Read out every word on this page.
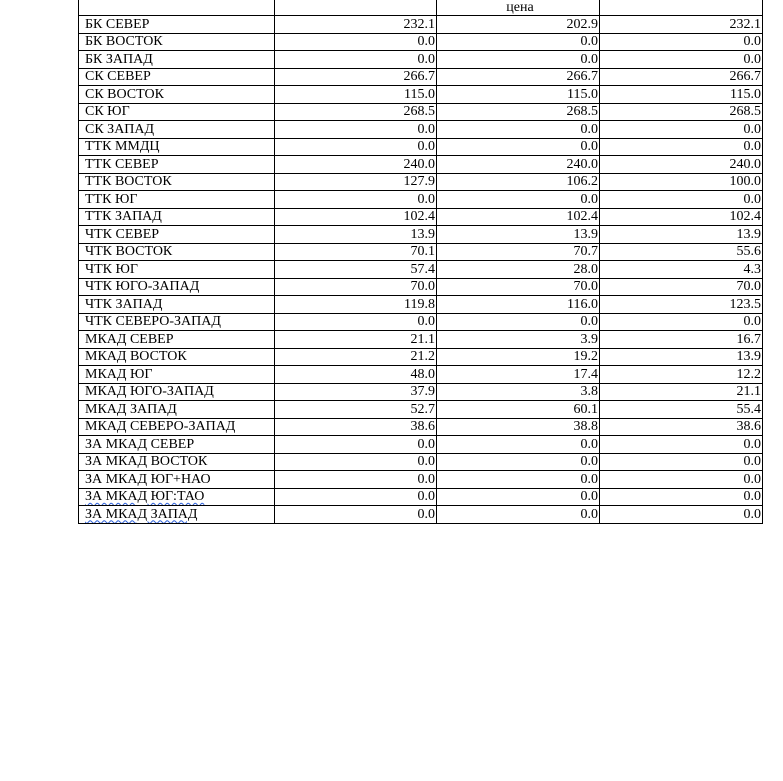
		цена	
БК СЕВЕР	232.1	202.9	232.1
БК ВОСТОК	0.0	0.0	0.0
БК ЗАПАД	0.0	0.0	0.0
СК СЕВЕР	266.7	266.7	266.7
СК ВОСТОК	115.0	115.0	115.0
СК ЮГ	268.5	268.5	268.5
СК ЗАПАД	0.0	0.0	0.0
ТТК ММДЦ	0.0	0.0	0.0
ТТК СЕВЕР	240.0	240.0	240.0
ТТК ВОСТОК	127.9	106.2	100.0
ТТК ЮГ	0.0	0.0	0.0
ТТК ЗАПАД	102.4	102.4	102.4
ЧТК СЕВЕР	13.9	13.9	13.9
ЧТК ВОСТОК	70.1	70.7	55.6
ЧТК ЮГ	57.4	28.0	4.3
ЧТК ЮГО-ЗАПАД	70.0	70.0	70.0
ЧТК ЗАПАД	119.8	116.0	123.5
ЧТК СЕВЕРО-ЗАПАД	0.0	0.0	0.0
МКАД СЕВЕР	21.1	3.9	16.7
МКАД ВОСТОК	21.2	19.2	13.9
МКАД ЮГ	48.0	17.4	12.2
МКАД ЮГО-ЗАПАД	37.9	3.8	21.1
МКАД ЗАПАД	52.7	60.1	55.4
МКАД СЕВЕРО-ЗАПАД	38.6	38.8	38.6
ЗА МКАД СЕВЕР	0.0	0.0	0.0
ЗА МКАД ВОСТОК	0.0	0.0	0.0
ЗА МКАД ЮГ+НАО	0.0	0.0	0.0
ЗА МКАД ЮГ:ТАО	0.0	0.0	0.0
ЗА МКАД ЗАПАД	0.0	0.0	0.0
